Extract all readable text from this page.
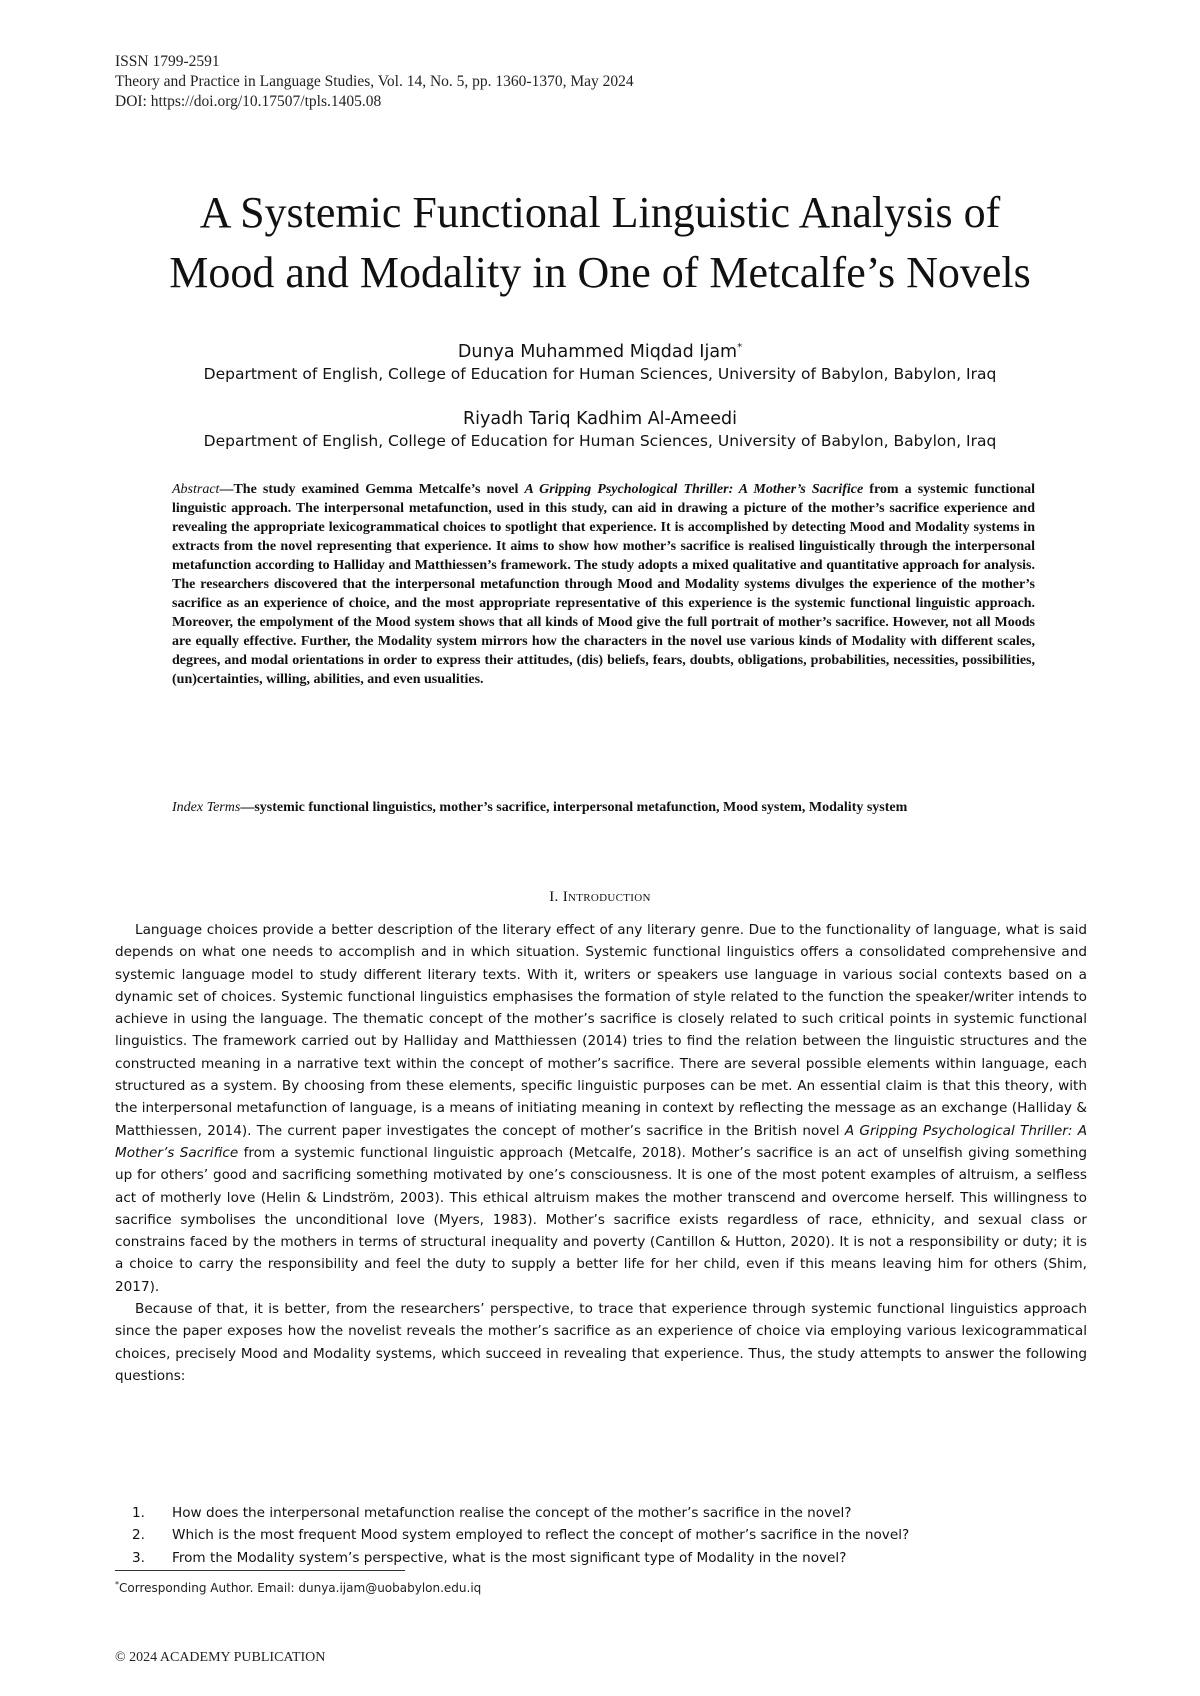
ISSN 1799-2591
Theory and Practice in Language Studies, Vol. 14, No. 5, pp. 1360-1370, May 2024
DOI: https://doi.org/10.17507/tpls.1405.08
A Systemic Functional Linguistic Analysis of
Mood and Modality in One of Metcalfe’s Novels
Dunya Muhammed Miqdad Ijam*
Department of English, College of Education for Human Sciences, University of Babylon, Babylon, Iraq
Riyadh Tariq Kadhim Al-Ameedi
Department of English, College of Education for Human Sciences, University of Babylon, Babylon, Iraq
Abstract—The study examined Gemma Metcalfe’s novel A Gripping Psychological Thriller: A Mother’s Sacrifice from a systemic functional linguistic approach. The interpersonal metafunction, used in this study, can aid in drawing a picture of the mother’s sacrifice experience and revealing the appropriate lexicogrammatical choices to spotlight that experience. It is accomplished by detecting Mood and Modality systems in extracts from the novel representing that experience. It aims to show how mother’s sacrifice is realised linguistically through the interpersonal metafunction according to Halliday and Matthiessen’s framework. The study adopts a mixed qualitative and quantitative approach for analysis. The researchers discovered that the interpersonal metafunction through Mood and Modality systems divulges the experience of the mother’s sacrifice as an experience of choice, and the most appropriate representative of this experience is the systemic functional linguistic approach. Moreover, the empolyment of the Mood system shows that all kinds of Mood give the full portrait of mother’s sacrifice. However, not all Moods are equally effective. Further, the Modality system mirrors how the characters in the novel use various kinds of Modality with different scales, degrees, and modal orientations in order to express their attitudes, (dis) beliefs, fears, doubts, obligations, probabilities, necessities, possibilities, (un)certainties, willing, abilities, and even usualities.
Index Terms—systemic functional linguistics, mother’s sacrifice, interpersonal metafunction, Mood system, Modality system
I. Introduction

Language choices provide a better description of the literary effect of any literary genre. Due to the functionality of language, what is said depends on what one needs to accomplish and in which situation. Systemic functional linguistics offers a consolidated comprehensive and systemic language model to study different literary texts. With it, writers or speakers use language in various social contexts based on a dynamic set of choices. Systemic functional linguistics emphasises the formation of style related to the function the speaker/writer intends to achieve in using the language. The thematic concept of the mother’s sacrifice is closely related to such critical points in systemic functional linguistics. The framework carried out by Halliday and Matthiessen (2014) tries to find the relation between the linguistic structures and the constructed meaning in a narrative text within the concept of mother’s sacrifice. There are several possible elements within language, each structured as a system. By choosing from these elements, specific linguistic purposes can be met. An essential claim is that this theory, with the interpersonal metafunction of language, is a means of initiating meaning in context by reflecting the message as an exchange (Halliday & Matthiessen, 2014). The current paper investigates the concept of mother’s sacrifice in the British novel A Gripping Psychological Thriller: A Mother’s Sacrifice from a systemic functional linguistic approach (Metcalfe, 2018). Mother’s sacrifice is an act of unselfish giving something up for others’ good and sacrificing something motivated by one’s consciousness. It is one of the most potent examples of altruism, a selfless act of motherly love (Helin & Lindström, 2003). This ethical altruism makes the mother transcend and overcome herself. This willingness to sacrifice symbolises the unconditional love (Myers, 1983). Mother’s sacrifice exists regardless of race, ethnicity, and sexual class or constrains faced by the mothers in terms of structural inequality and poverty (Cantillon & Hutton, 2020). It is not a responsibility or duty; it is a choice to carry the responsibility and feel the duty to supply a better life for her child, even if this means leaving him for others (Shim, 2017).

Because of that, it is better, from the researchers’ perspective, to trace that experience through systemic functional linguistics approach since the paper exposes how the novelist reveals the mother’s sacrifice as an experience of choice via employing various lexicogrammatical choices, precisely Mood and Modality systems, which succeed in revealing that experience. Thus, the study attempts to answer the following questions:

1. How does the interpersonal metafunction realise the concept of the mother’s sacrifice in the novel?
2. Which is the most frequent Mood system employed to reflect the concept of mother’s sacrifice in the novel?
3. From the Modality system’s perspective, what is the most significant type of Modality in the novel?
*Corresponding Author. Email: dunya.ijam@uobabylon.edu.iq
© 2024 ACADEMY PUBLICATION
